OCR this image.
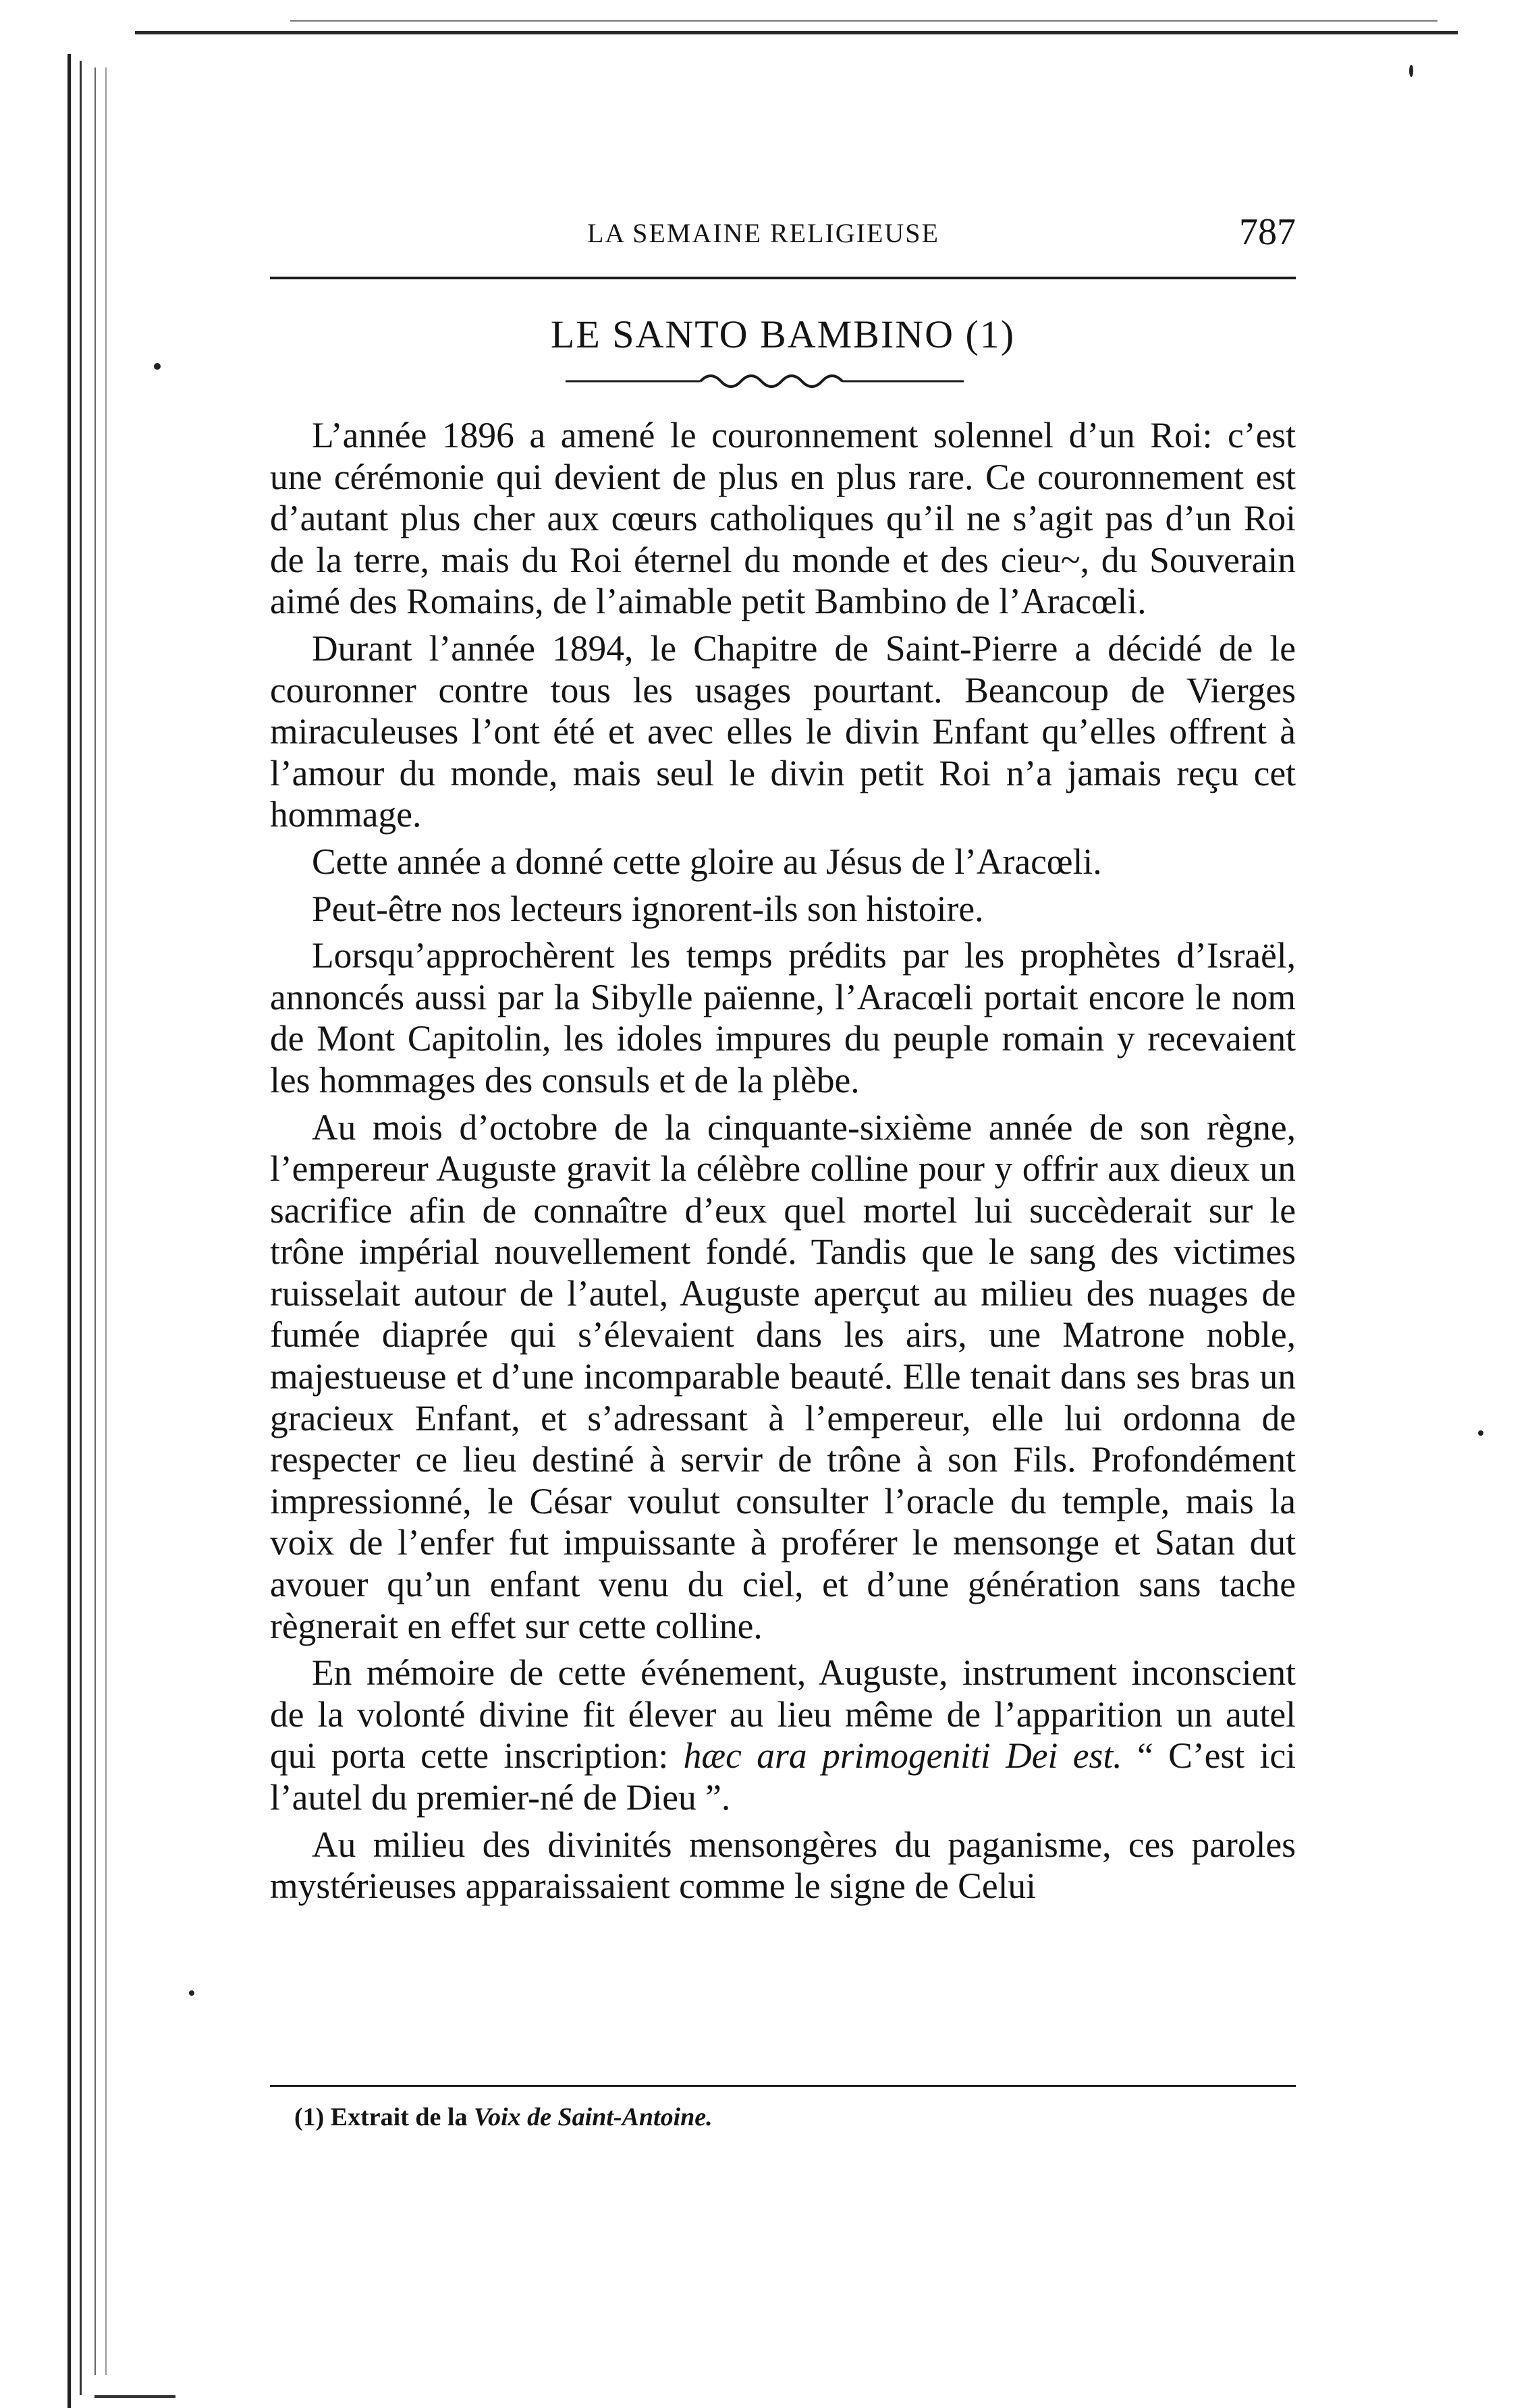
LA SEMAINE RELIGIEUSE	787
LE SANTO BAMBINO (1)

L’année 1896 a amené le couronnement solennel d’un Roi: c’est une cérémonie qui devient de plus en plus rare. Ce couronnement est d’autant plus cher aux cœurs catholiques qu’il ne s’agit pas d’un Roi de la terre, mais du Roi éternel du monde et des cieu~, du Souverain aimé des Romains, de l’aimable petit Bambino de l’Aracœli.

Durant l’année 1894, le Chapitre de Saint-Pierre a décidé de le couronner contre tous les usages pourtant. Beancoup de Vierges miraculeuses l’ont été et avec elles le divin Enfant qu’elles offrent à l’amour du monde, mais seul le divin petit Roi n’a jamais reçu cet hommage.

Cette année a donné cette gloire au Jésus de l’Aracœli.

Peut-être nos lecteurs ignorent-ils son histoire.

Lorsqu’approchèrent les temps prédits par les prophètes d’Israël, annoncés aussi par la Sibylle païenne, l’Aracœli portait encore le nom de Mont Capitolin, les idoles impures du peuple romain y recevaient les hommages des consuls et de la plèbe.

Au mois d’octobre de la cinquante-sixième année de son règne, l’empereur Auguste gravit la célèbre colline pour y offrir aux dieux un sacrifice afin de connaître d’eux quel mortel lui succèderait sur le trône impérial nouvellement fondé. Tandis que le sang des victimes ruisselait autour de l’autel, Auguste aperçut au milieu des nuages de fumée diaprée qui s’élevaient dans les airs, une Matrone noble, majestueuse et d’une incomparable beauté. Elle tenait dans ses bras un gracieux Enfant, et s’adressant à l’empereur, elle lui ordonna de respecter ce lieu destiné à servir de trône à son Fils. Profondément impressionné, le César voulut consulter l’oracle du temple, mais la voix de l’enfer fut impuissante à proférer le mensonge et Satan dut avouer qu’un enfant venu du ciel, et d’une génération sans tache règnerait en effet sur cette colline.

En mémoire de cette événement, Auguste, instrument inconscient de la volonté divine fit élever au lieu même de l’apparition un autel qui porta cette inscription: hæc ara primogeniti Dei est. “ C’est ici l’autel du premier-né de Dieu ”.

Au milieu des divinités mensongères du paganisme, ces paroles mystérieuses apparaissaient comme le signe de Celui

(1) Extrait de la Voix de Saint-Antoine.
